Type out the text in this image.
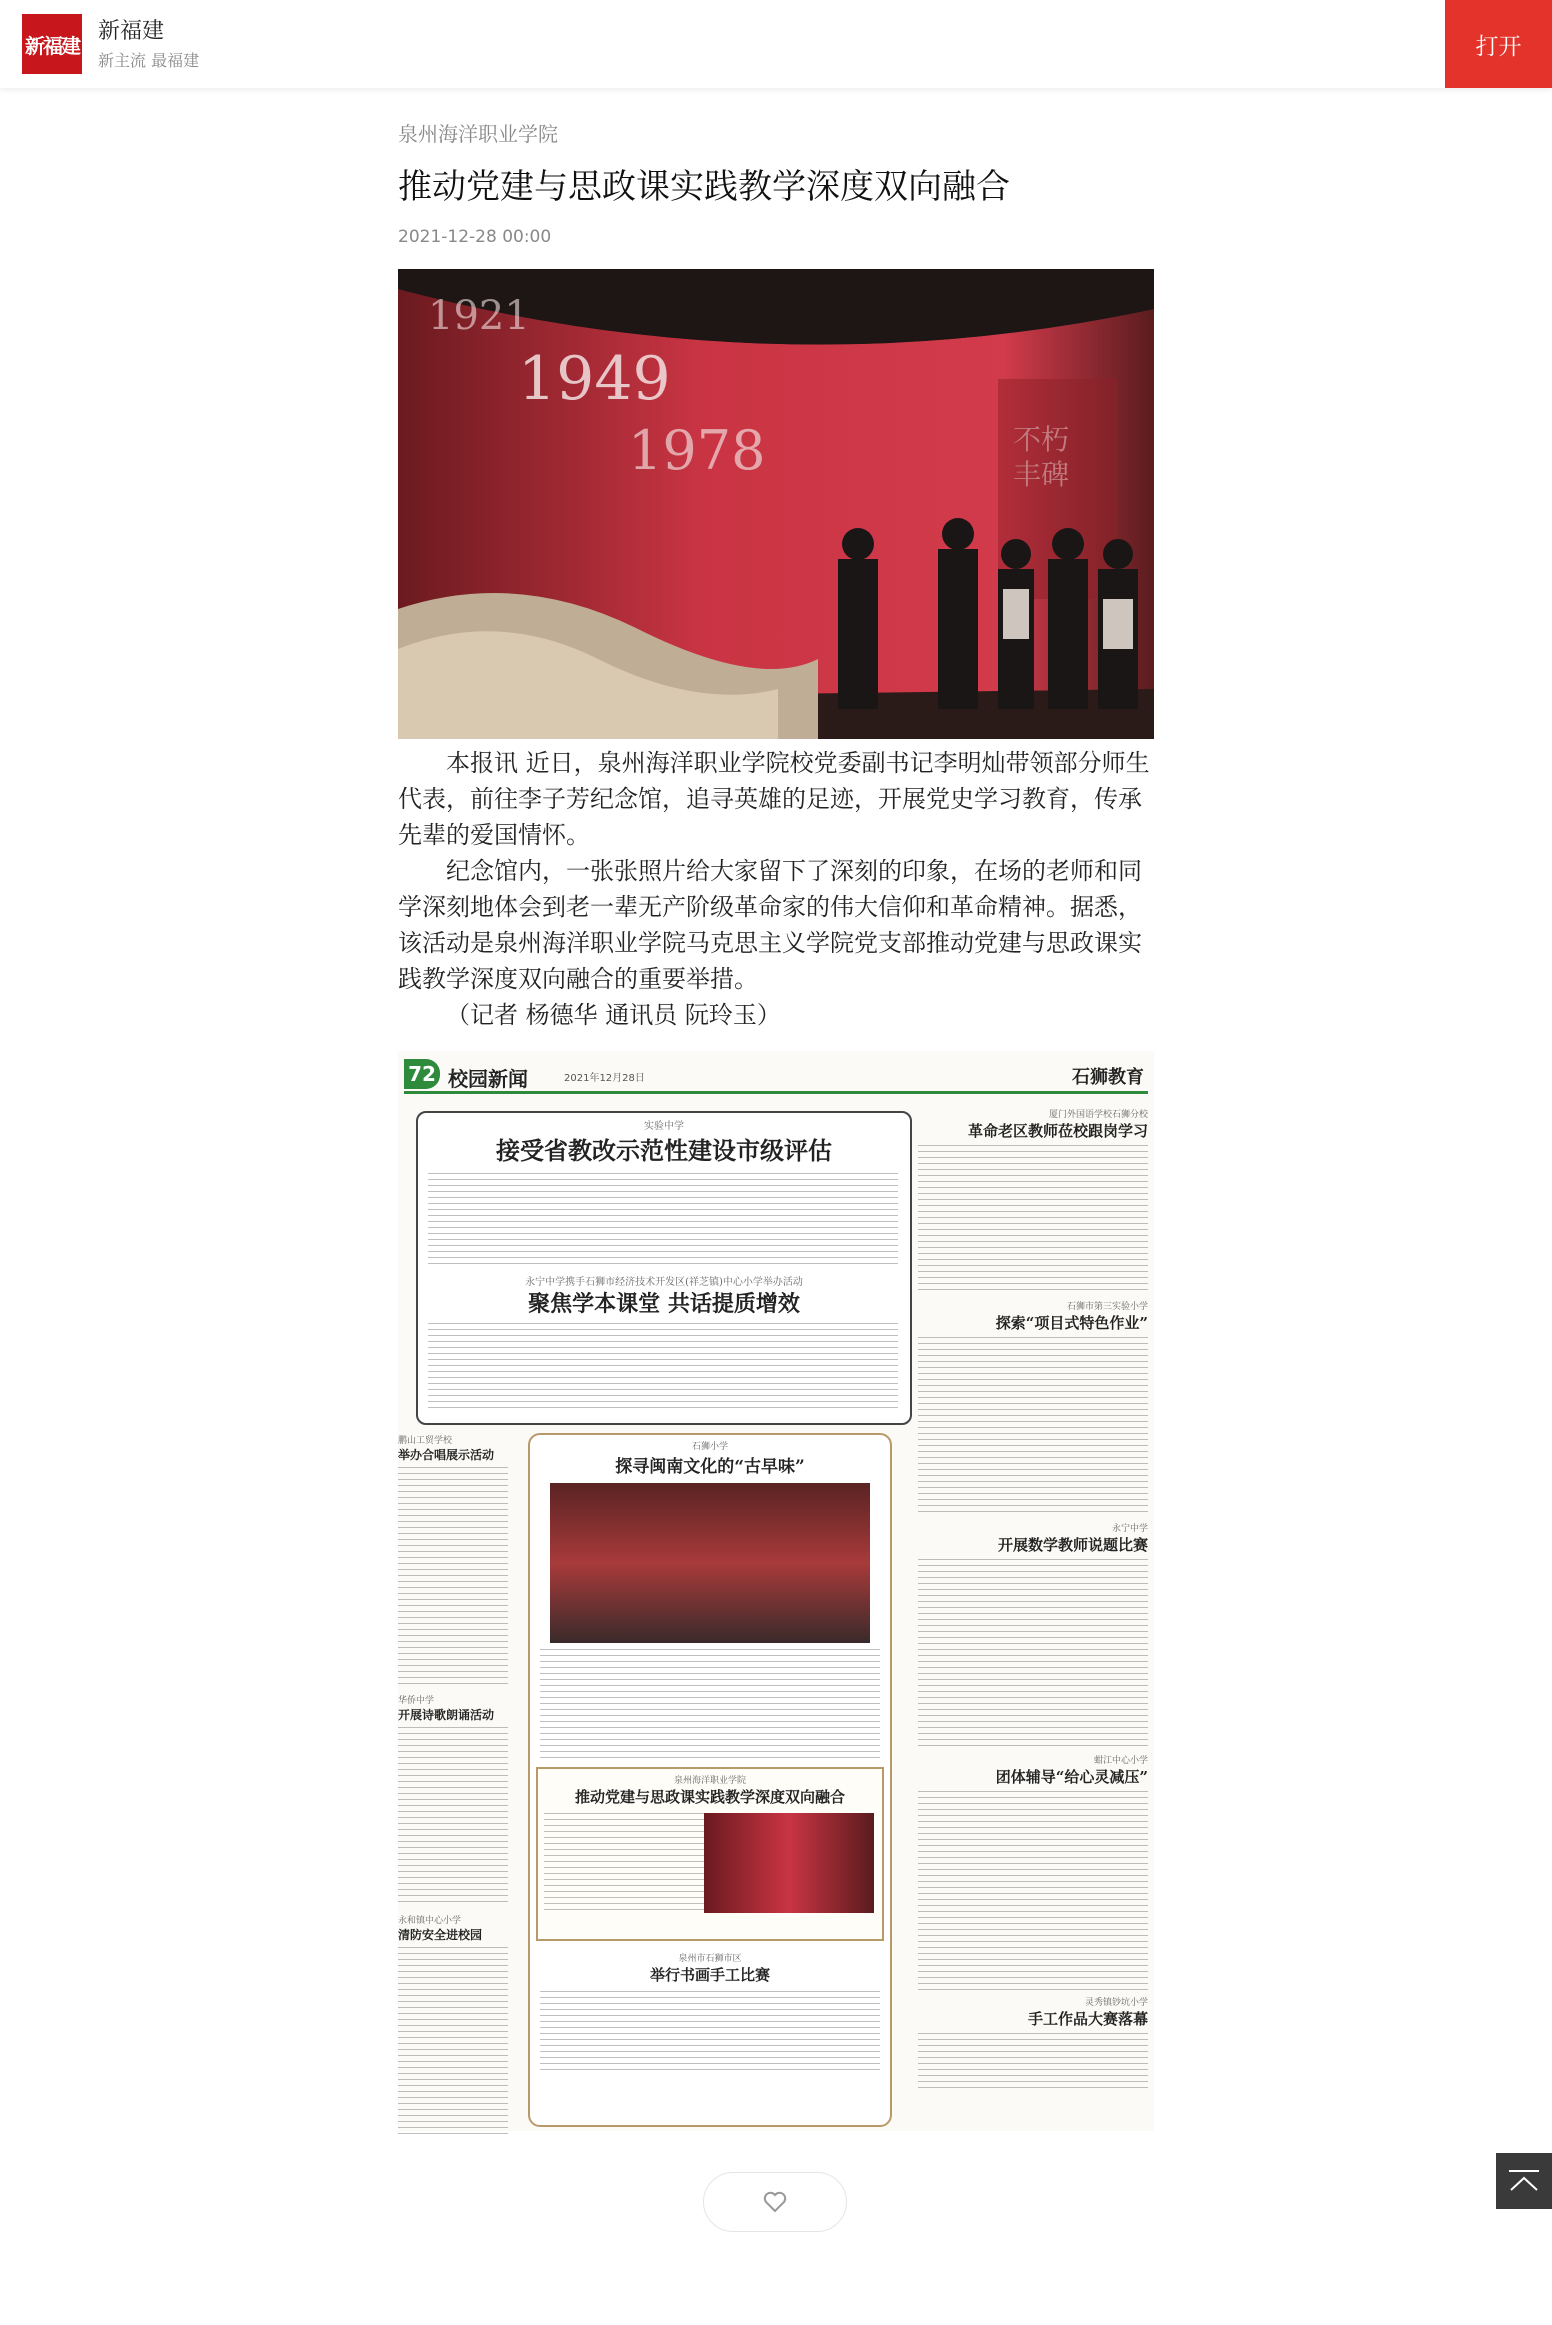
新福建
新福建
新主流 最福建
打开
泉州海洋职业学院
推动党建与思政课实践教学深度双向融合
2021-12-28 00:00
1949
1978
1921

本报讯 近日，泉州海洋职业学院校党委副书记李明灿带领部分师生代表，前往李子芳纪念馆，追寻英雄的足迹，开展党史学习教育，传承先辈的爱国情怀。

纪念馆内，一张张照片给大家留下了深刻的印象，在场的老师和同学深刻地体会到老一辈无产阶级革命家的伟大信仰和革命精神。据悉，该活动是泉州海洋职业学院马克思主义学院党支部推动党建与思政课实践教学深度双向融合的重要举措。

（记者 杨德华 通讯员 阮玲玉）

72 校园新闻	2021年12月28日	石狮教育
实验中学
接受省教改示范性建设市级评估
永宁中学携手石狮市经济技术开发区(祥芝镇)中心小学举办活动
聚焦学本课堂 共话提质增效
厦门外国语学校石狮分校
革命老区教师莅校跟岗学习
石狮市第三实验小学
探索“项目式特色作业”
永宁中学
开展数学教师说题比赛
蚶江中心小学
团体辅导“给心灵减压”
灵秀镇钞坑小学
手工作品大赛落幕
鹏山工贸学校
举办合唱展示活动
华侨中学
开展诗歌朗诵活动
永和镇中心小学
清防安全进校园
石狮小学
探寻闽南文化的“古早味”
泉州海洋职业学院
推动党建与思政课实践教学深度双向融合
泉州市石狮市区
举行书画手工比赛
